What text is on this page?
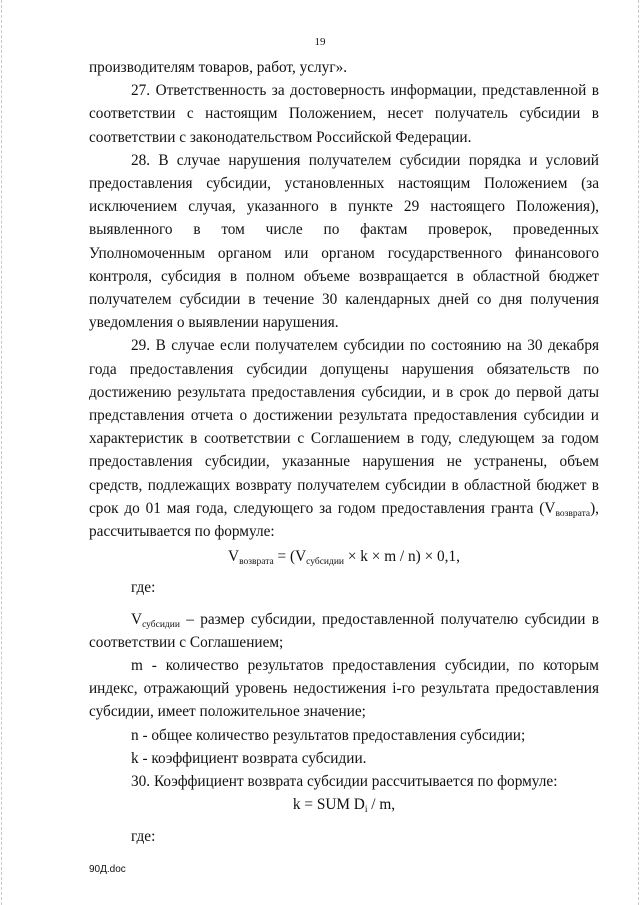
19

производителям товаров, работ, услуг».

27. Ответственность за достоверность информации, представленной в соответствии с настоящим Положением, несет получатель субсидии в соответствии с законодательством Российской Федерации.

28. В случае нарушения получателем субсидии порядка и условий предоставления субсидии, установленных настоящим Положением (за исключением случая, указанного в пункте 29 настоящего Положения), выявленного в том числе по фактам проверок, проведенных Уполномоченным органом или органом государственного финансового контроля, субсидия в полном объеме возвращается в областной бюджет получателем субсидии в течение 30 календарных дней со дня получения уведомления о выявлении нарушения.

29. В случае если получателем субсидии по состоянию на 30 декабря года предоставления субсидии допущены нарушения обязательств по достижению результата предоставления субсидии, и в срок до первой даты представления отчета о достижении результата предоставления субсидии и характеристик в соответствии с Соглашением в году, следующем за годом предоставления субсидии, указанные нарушения не устранены, объем средств, подлежащих возврату получателем субсидии в областной бюджет в срок до 01 мая года, следующего за годом предоставления гранта $(V_{возврата})$, рассчитывается по формуле:

$V_{возврата} = (V_{субсидии} \times k \times m / n) \times 0,1$,

где:

$V_{субсидии}$ – размер субсидии, предоставленной получателю субсидии в соответствии с Соглашением;

m - количество результатов предоставления субсидии, по которым индекс, отражающий уровень недостижения i-го результата предоставления субсидии, имеет положительное значение;

n - общее количество результатов предоставления субсидии;

k - коэффициент возврата субсидии.

30. Коэффициент возврата субсидии рассчитывается по формуле:

k = SUM $D_i$ / m,

где:

90Д.doc
